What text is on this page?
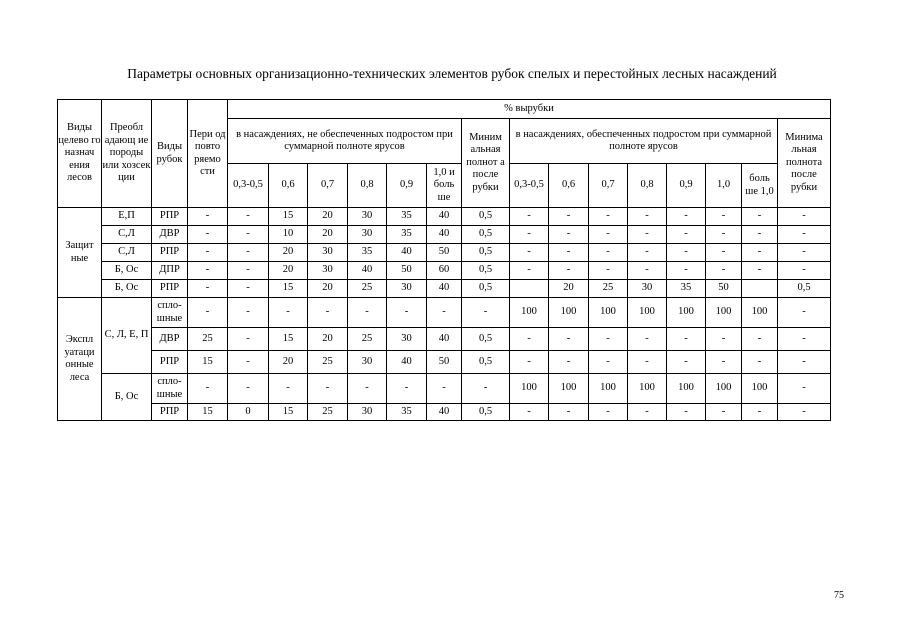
Параметры основных организационно-технических элементов рубок спелых и перестойных лесных насаждений
Виды целево го назнач ения лесов	Преобл адающ ие породы или хозсек ции	Виды рубок	Пери од повто ряемо сти	% вырубки														
				в насаждениях, не обеспеченных подростом при суммарной полноте ярусов						Миним альная полнот а после рубки	в насаждениях, обеспеченных подростом при суммарной полноте ярусов							Минима льная полнота после рубки
				0,3-0,5	0,6	0,7	0,8	0,9	1,0 и боль ше		0,3-0,5	0,6	0,7	0,8	0,9	1,0	боль ше 1,0	
Защит ные	Е,П	РПР	-	-	15	20	30	35	40	0,5	-	-	-	-	-	-	-	-
	С,Л	ДВР	-	-	10	20	30	35	40	0,5	-	-	-	-	-	-	-	-
	С,Л	РПР	-	-	20	30	35	40	50	0,5	-	-	-	-	-	-	-	-
	Б, Ос	ДПР	-	-	20	30	40	50	60	0,5	-	-	-	-	-	-	-	-
	Б, Ос	РПР	-	-	15	20	25	30	40	0,5		20	25	30	35	50		0,5
Экспл уатаци онные леса	С, Л, Е, П	спло- шные	-	-	-	-	-	-	-	-	100	100	100	100	100	100	100	-
		ДВР	25	-	15	20	25	30	40	0,5	-	-	-	-	-	-	-	-
		РПР	15	-	20	25	30	40	50	0,5	-	-	-	-	-	-	-	-
	Б, Ос	спло- шные	-	-	-	-	-	-	-	-	100	100	100	100	100	100	100	-
		РПР	15	0	15	25	30	35	40	0,5	-	-	-	-	-	-	-	-
75
